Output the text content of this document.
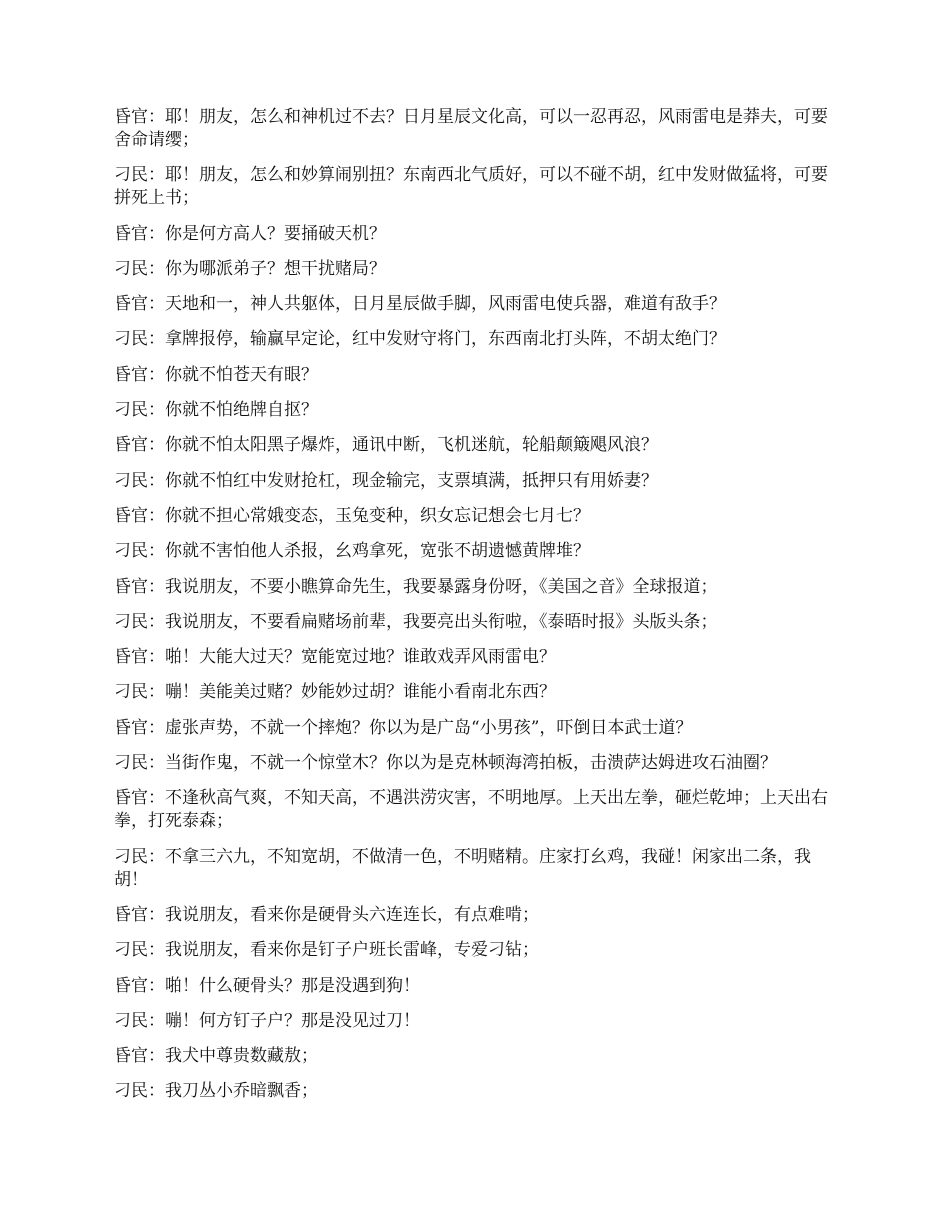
昏官：耶！朋友，怎么和神机过不去？日月星辰文化高，可以一忍再忍，风雨雷电是莽夫，可要舍命请缨；

刁民：耶！朋友，怎么和妙算闹别扭？东南西北气质好，可以不碰不胡，红中发财做猛将，可要拼死上书；

昏官：你是何方高人？要捅破天机？

刁民：你为哪派弟子？想干扰赌局？

昏官：天地和一，神人共躯体，日月星辰做手脚，风雨雷电使兵器，难道有敌手？

刁民：拿牌报停，输赢早定论，红中发财守将门，东西南北打头阵，不胡太绝门？

昏官：你就不怕苍天有眼？

刁民：你就不怕绝牌自抠？

昏官：你就不怕太阳黑子爆炸，通讯中断，飞机迷航，轮船颠簸飓风浪？

刁民：你就不怕红中发财抢杠，现金输完，支票填满，抵押只有用娇妻？

昏官：你就不担心常娥变态，玉兔变种，织女忘记想会七月七？

刁民：你就不害怕他人杀报，幺鸡拿死，宽张不胡遗憾黄牌堆？

昏官：我说朋友，不要小瞧算命先生，我要暴露身份呀，《美国之音》全球报道；

刁民：我说朋友，不要看扁赌场前辈，我要亮出头衔啦，《泰晤时报》头版头条；

昏官：啪！大能大过天？宽能宽过地？谁敢戏弄风雨雷电？

刁民：嘣！美能美过赌？妙能妙过胡？谁能小看南北东西？

昏官：虚张声势，不就一个摔炮？你以为是广岛“小男孩”，吓倒日本武士道？

刁民：当街作鬼，不就一个惊堂木？你以为是克林顿海湾拍板，击溃萨达姆进攻石油圈？

昏官：不逢秋高气爽，不知天高，不遇洪涝灾害，不明地厚。上天出左拳，砸烂乾坤；上天出右拳，打死泰森；

刁民：不拿三六九，不知宽胡，不做清一色，不明赌精。庄家打幺鸡，我碰！闲家出二条，我胡！

昏官：我说朋友，看来你是硬骨头六连连长，有点难啃；

刁民：我说朋友，看来你是钉子户班长雷峰，专爱刁钻；

昏官：啪！什么硬骨头？那是没遇到狗！

刁民：嘣！何方钉子户？那是没见过刀！

昏官：我犬中尊贵数藏敖；

刁民：我刀丛小乔暗飘香；
